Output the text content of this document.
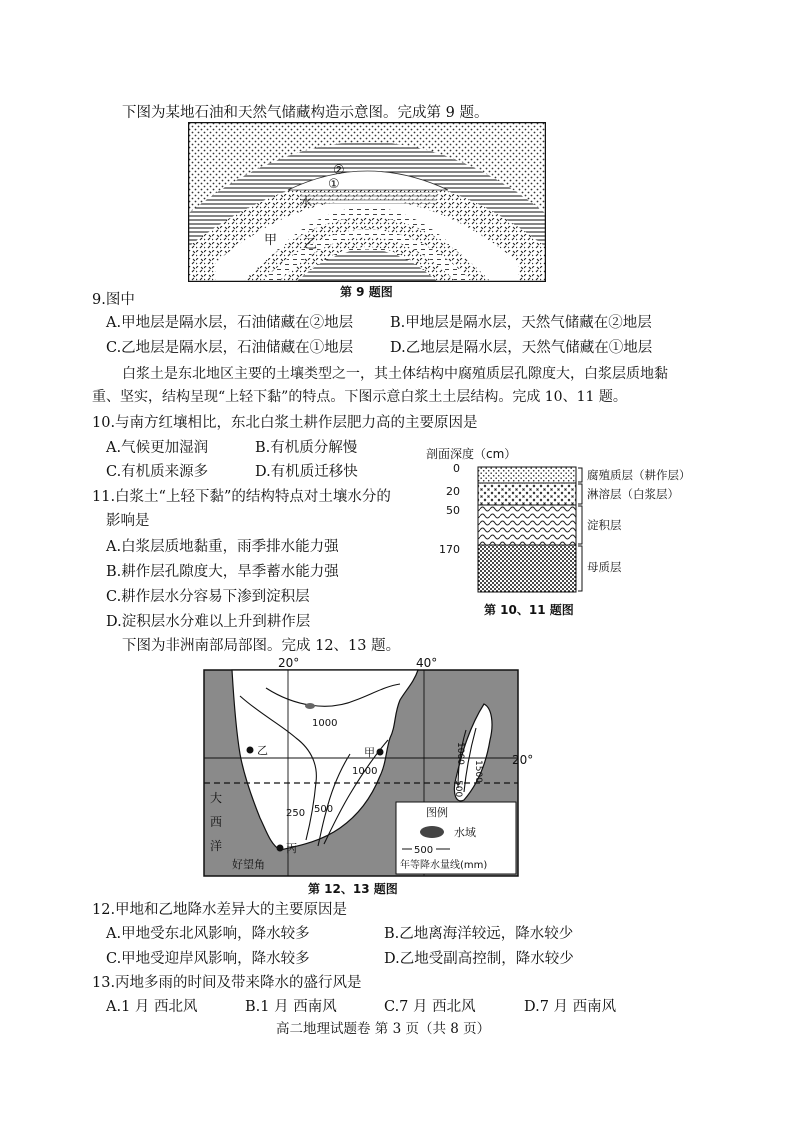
下图为某地石油和天然气储藏构造示意图。完成第 9 题。
②
①
水
甲 乙
第 9 题图
9.图中
A.甲地层是隔水层，石油储藏在②地层	B.甲地层是隔水层，天然气储藏在②地层
C.乙地层是隔水层，石油储藏在①地层	D.乙地层是隔水层，天然气储藏在①地层
白浆土是东北地区主要的土壤类型之一，其土体结构中腐殖质层孔隙度大，白浆层质地黏
重、坚实，结构呈现“上轻下黏”的特点。下图示意白浆土土层结构。完成 10、11 题。
10.与南方红壤相比，东北白浆土耕作层肥力高的主要原因是
A.气候更加湿润	B.有机质分解慢
C.有机质来源多	D.有机质迁移快
11.白浆土“上轻下黏”的结构特点对土壤水分的
影响是
A.白浆层质地黏重，雨季排水能力强
B.耕作层孔隙度大，旱季蓄水能力强
C.耕作层水分容易下渗到淀积层
D.淀积层水分难以上升到耕作层
剖面深度（cm）
0
20
50
170
腐殖质层（耕作层）
淋溶层（白浆层）
淀积层
母质层
第 10、11 题图
下图为非洲南部局部图。完成 12、13 题。
20°	40°
20°
1000
1000
250 500
1500
1000
500
乙	甲
丙
好望角
大
西
洋
图例
水域
500
年等降水量线(mm)
第 12、13 题图
12.甲地和乙地降水差异大的主要原因是
A.甲地受东北风影响，降水较多	B.乙地离海洋较远，降水较少
C.甲地受迎岸风影响，降水较多	D.乙地受副高控制，降水较少
13.丙地多雨的时间及带来降水的盛行风是
A.1 月 西北风	B.1 月 西南风	C.7 月 西北风	D.7 月 西南风
高二地理试题卷 第 3 页（共 8 页）
